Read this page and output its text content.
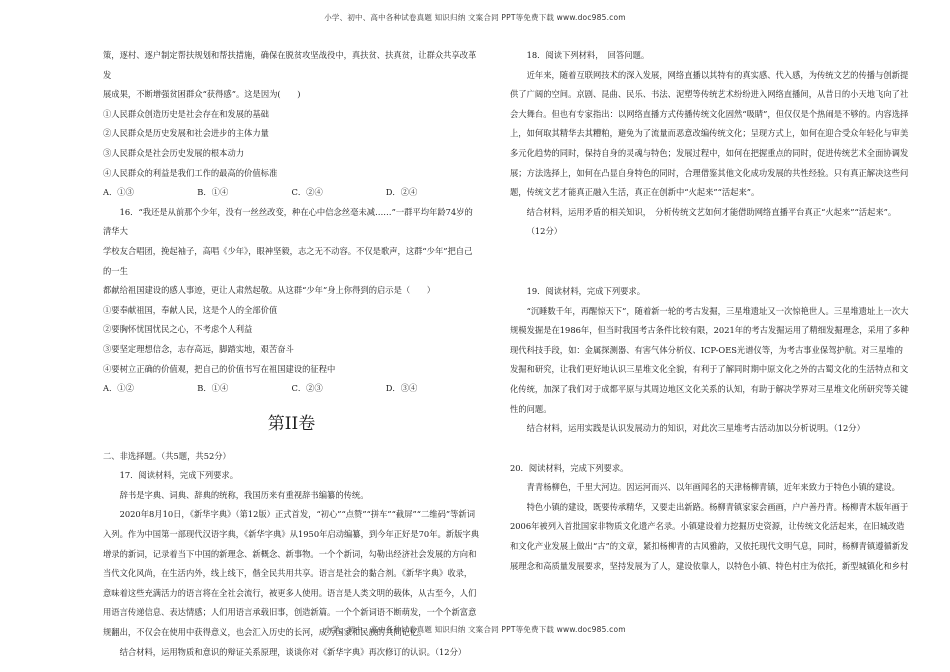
小学、初中、高中各种试卷真题 知识归纳 文案合同 PPT等免费下载 www.doc985.com

策，逐村、逐户制定帮扶规划和帮扶措施，确保在脱贫攻坚战役中，真扶贫、扶真贫，让群众共享改革发

展成果，不断增强贫困群众“获得感”。这是因为(　　)

①人民群众创造历史是社会存在和发展的基础

②人民群众是历史发展和社会进步的主体力量

③人民群众是社会历史发展的根本动力

④人民群众的利益是我们工作的最高的价值标准

A．①③	B．①④	C．②④	D．②④

16．“我还是从前那个少年，没有一丝丝改变，种在心中信念丝毫未减……”一群平均年龄74岁的清华大

学校友合唱团，挽起袖子，高唱《少年》，眼神坚毅，志之无不动容。不仅是歌声，这群“少年”把自己的一生

都献给祖国建设的感人事迹，更让人肃然起敬。从这群“少年”身上你得到的启示是（　　）

①要奉献祖国，奉献人民，这是个人的全部价值

②要胸怀忧国忧民之心，不考虑个人利益

③要坚定理想信念，志存高远，脚踏实地，艰苦奋斗

④要树立正确的价值观，把自己的价值书写在祖国建设的征程中

A．①②	B．①④	C．②③	D．③④
第II卷

二、非选择题。（共5题，共52分）

17．阅读材料，完成下列要求。

辞书是字典、词典、辞典的统称，我国历来有重视辞书编纂的传统。

2020年8月10日，《新华字典》（第12版）正式首发，“初心”“点赞”“拼车”“截屏”“二维码”等新词入列。作为中国第一部现代汉语字典，《新华字典》从1950年启动编纂，到今年正好是70年。新版字典增录的新词，记录着当下中国的新理念、新概念、新事物。一个个新词，勾勒出经济社会发展的方向和当代文化风尚，在生活内外，线上线下，偕全民共用共享。语言是社会的黏合剂。《新华字典》收录，意味着这些充满活力的语言将在全社会流行，被更多人使用。语言是人类文明的载体，从古至今，人们用语言传递信息、表达情感；人们用语言承载旧事，创造新篇。一个个新词语不断萌发，一个个新富意规翻出，不仅会在使用中获得意义，也会汇入历史的长河，成为国家和民族的共同记忆。

结合材料，运用物质和意识的辩证关系原理，谈谈你对《新华字典》再次修订的认识。（12分）

18．阅读下列材料，　回答问题。

近年来，随着互联网技术的深入发展，网络直播以其特有的真实感、代入感，为传统文艺的传播与创新提供了广阔的空间。京剧、昆曲、民乐、书法、泥塑等传统艺术纷纷进入网络直播间，从昔日的小天地飞向了社会大舞台。但也有专家指出：以网络直播方式传播传统文化固然“吸睛”，但仅仅是个热闹是不够的。内容选择上，如何取其精华去其糟粕，避免为了流量而恶意改编传统文化；呈现方式上，如何在迎合受众年轻化与审美多元化趋势的同时，保持自身的灵魂与特色；发展过程中，如何在把握重点的同时，促进传统艺术全面协调发展；方法选择上，如何在凸显自身特色的同时，合理借鉴其他文化成功发展的共性经验。只有真正解决这些问题，传统文艺才能真正融入生活，真正在创新中“火起来”“活起来”。

结合材料，运用矛盾的相关知识，　分析传统文艺如何才能借助网络直播平台真正“火起来”“活起来”。

（12分）

19．阅读材料，完成下列要求。

“沉睡数千年，再醒惊天下”，随着新一轮的考古发掘，三星堆遗址又一次惊艳世人。三星堆遗址上一次大规模发掘是在1986年，但当时我国考古条件比较有限，2021年的考古发掘运用了精细发掘理念，采用了多种现代科技手段，如：金属探测器、有害气体分析仪、ICP-OES光谱仪等，为考古事业保驾护航。对三星堆的发掘和研究，让我们更好地认识三星堆文化全貌，有利于了解同时期中原文化之外的古蜀文化的生活特点和文化传统，加深了我们对于成都平原与其周边地区文化关系的认知，有助于解决学界对三星堆文化所研究等关键性的问题。

结合材料，运用实践是认识发展动力的知识，对此次三星堆考古活动加以分析说明。（12分）

20．阅读材料，完成下列要求。

青青杨柳色，千里大河边。因运河而兴、以年画闻名的天津杨柳青镇，近年来致力于特色小镇的建设。

特色小镇的建设，既要传承精华，又要走出新路。杨柳青镇家家会画画，户户善丹青。杨柳青木版年画于2006年被列入首批国家非物质文化遗产名录。小镇建设着力挖掘历史资源，让传统文化活起来，在旧城改造和文化产业发展上做出“古”的文章，紧扣杨柳青的古风雅韵，又依托现代文明气息，同时，杨柳青镇遵循新发展理念和高质量发展要求，坚持发展为了人，建设依靠人，以特色小镇、特色村庄为依托，新型城镇化和乡村

小学、初中、高中各种试卷真题 知识归纳 文案合同 PPT等免费下载 www.doc985.com
